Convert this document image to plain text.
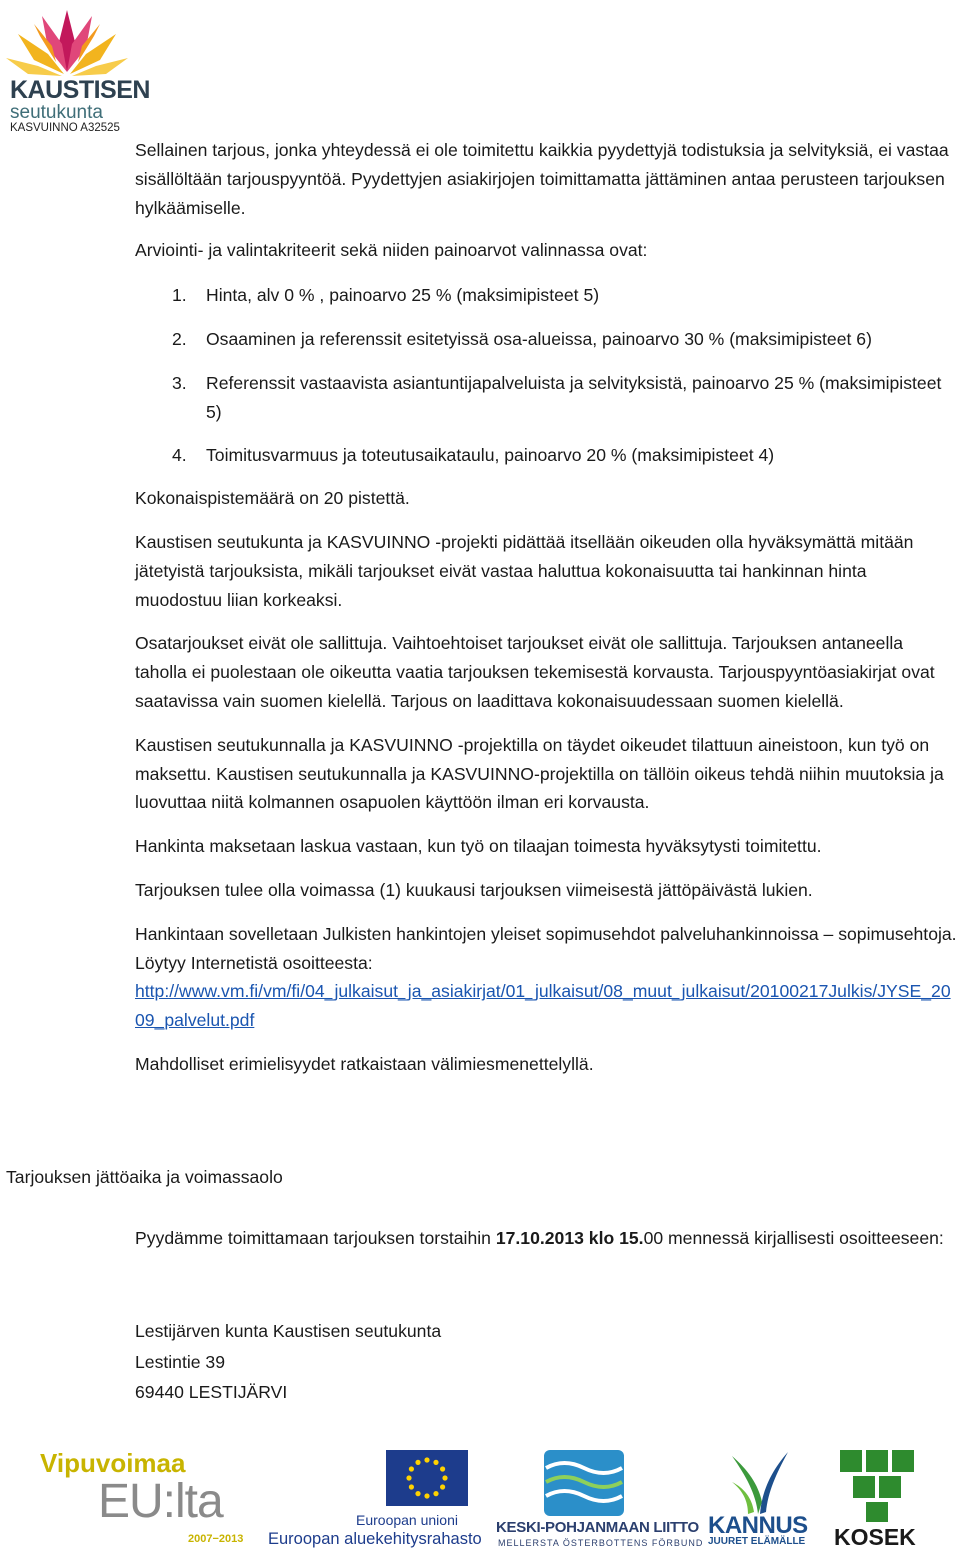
KAUSTISEN
seutukunta
KASVUINNO A32525

Sellainen tarjous, jonka yhteydessä ei ole toimitettu kaikkia pyydettyjä todistuksia ja selvityksiä, ei vastaa sisällöltään tarjouspyyntöä. Pyydettyjen asiakirjojen toimittamatta jättäminen antaa perusteen tarjouksen hylkäämiselle.

Arviointi- ja valintakriteerit sekä niiden painoarvot valinnassa ovat:

1. Hinta, alv 0 % , painoarvo 25 % (maksimipisteet 5)
2. Osaaminen ja referenssit esitetyissä osa-alueissa, painoarvo 30 % (maksimipisteet 6)
3. Referenssit vastaavista asiantuntijapalveluista ja selvityksistä, painoarvo 25 % (maksimipisteet 5)
4. Toimitusvarmuus ja toteutusaikataulu, painoarvo 20 % (maksimipisteet 4)

Kokonaispistemäärä on 20 pistettä.

Kaustisen seutukunta ja KASVUINNO -projekti pidättää itsellään oikeuden olla hyväksymättä mitään jätetyistä tarjouksista, mikäli tarjoukset eivät vastaa haluttua kokonaisuutta tai hankinnan hinta muodostuu liian korkeaksi.

Osatarjoukset eivät ole sallittuja. Vaihtoehtoiset tarjoukset eivät ole sallittuja. Tarjouksen antaneella taholla ei puolestaan ole oikeutta vaatia tarjouksen tekemisestä korvausta. Tarjouspyyntöasiakirjat ovat saatavissa vain suomen kielellä. Tarjous on laadittava kokonaisuudessaan suomen kielellä.

Kaustisen seutukunnalla ja KASVUINNO -projektilla on täydet oikeudet tilattuun aineistoon, kun työ on maksettu. Kaustisen seutukunnalla ja KASVUINNO-projektilla on tällöin oikeus tehdä niihin muutoksia ja luovuttaa niitä kolmannen osapuolen käyttöön ilman eri korvausta.

Hankinta maksetaan laskua vastaan, kun työ on tilaajan toimesta hyväksytysti toimitettu.

Tarjouksen tulee olla voimassa (1) kuukausi tarjouksen viimeisestä jättöpäivästä lukien.

Hankintaan sovelletaan Julkisten hankintojen yleiset sopimusehdot palveluhankinnoissa – sopimusehtoja. Löytyy Internetistä osoitteesta:

http://www.vm.fi/vm/fi/04_julkaisut_ja_asiakirjat/01_julkaisut/08_muut_julkaisut/20100217Julkis/JYSE_2009_palvelut.pdf

Mahdolliset erimielisyydet ratkaistaan välimiesmenettelyllä.

Tarjouksen jättöaika ja voimassaolo
Pyydämme toimittamaan tarjouksen torstaihin 17.10.2013 klo 15.00 mennessä kirjallisesti osoitteeseen:
Lestijärven kunta Kaustisen seutukunta
Lestintie 39
69440 LESTIJÄRVI
Vipuvoimaa
EU:lta
2007−2013
Euroopan unioni
Euroopan aluekehitysrahasto
KESKI-POHJANMAAN LIITTO
MELLERSTA ÖSTERBOTTENS FÖRBUND
KANNUS
JUURET ELÄMÄLLE KOSEK
